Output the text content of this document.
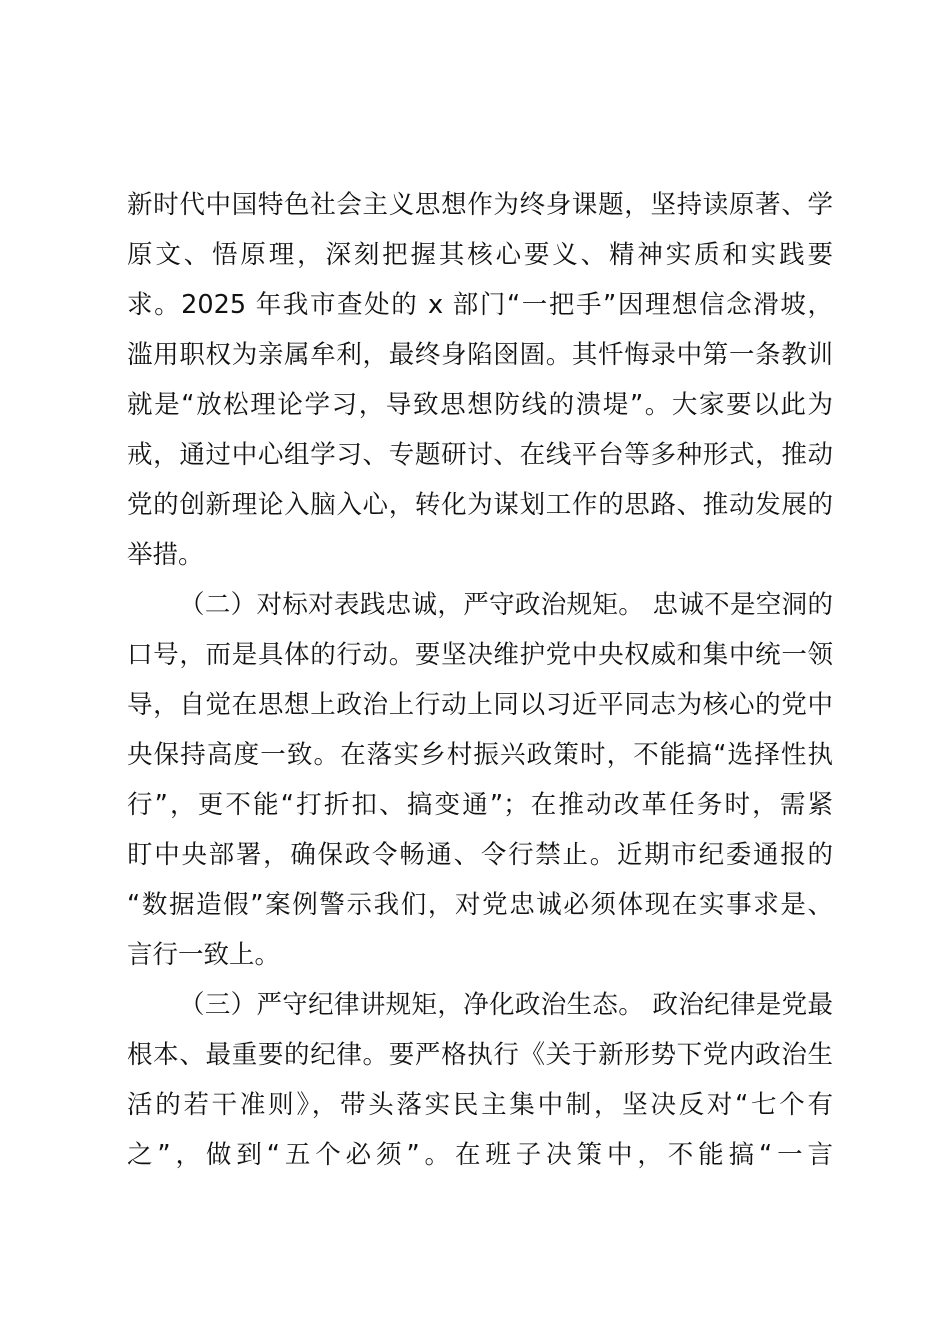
新时代中国特色社会主义思想作为终身课题，坚持读原著、学
原文、悟原理，深刻把握其核心要义、精神实质和实践要
求。2025 年我市查处的 x 部门“一把手”因理想信念滑坡，
滥用职权为亲属牟利，最终身陷囹圄。其忏悔录中第一条教训
就是“放松理论学习，导致思想防线的溃堤”。大家要以此为
戒，通过中心组学习、专题研讨、在线平台等多种形式，推动
党的创新理论入脑入心，转化为谋划工作的思路、推动发展的
举措。
（二）对标对表践忠诚，严守政治规矩。 忠诚不是空洞的
口号，而是具体的行动。要坚决维护党中央权威和集中统一领
导，自觉在思想上政治上行动上同以习近平同志为核心的党中
央保持高度一致。在落实乡村振兴政策时，不能搞“选择性执
行”，更不能“打折扣、搞变通”；在推动改革任务时，需紧
盯中央部署，确保政令畅通、令行禁止。近期市纪委通报的
“数据造假”案例警示我们，对党忠诚必须体现在实事求是、
言行一致上。
（三）严守纪律讲规矩，净化政治生态。 政治纪律是党最
根本、最重要的纪律。要严格执行《关于新形势下党内政治生
活的若干准则》，带头落实民主集中制，坚决反对“七个有
之”，做到“五个必须”。在班子决策中，不能搞“一言
